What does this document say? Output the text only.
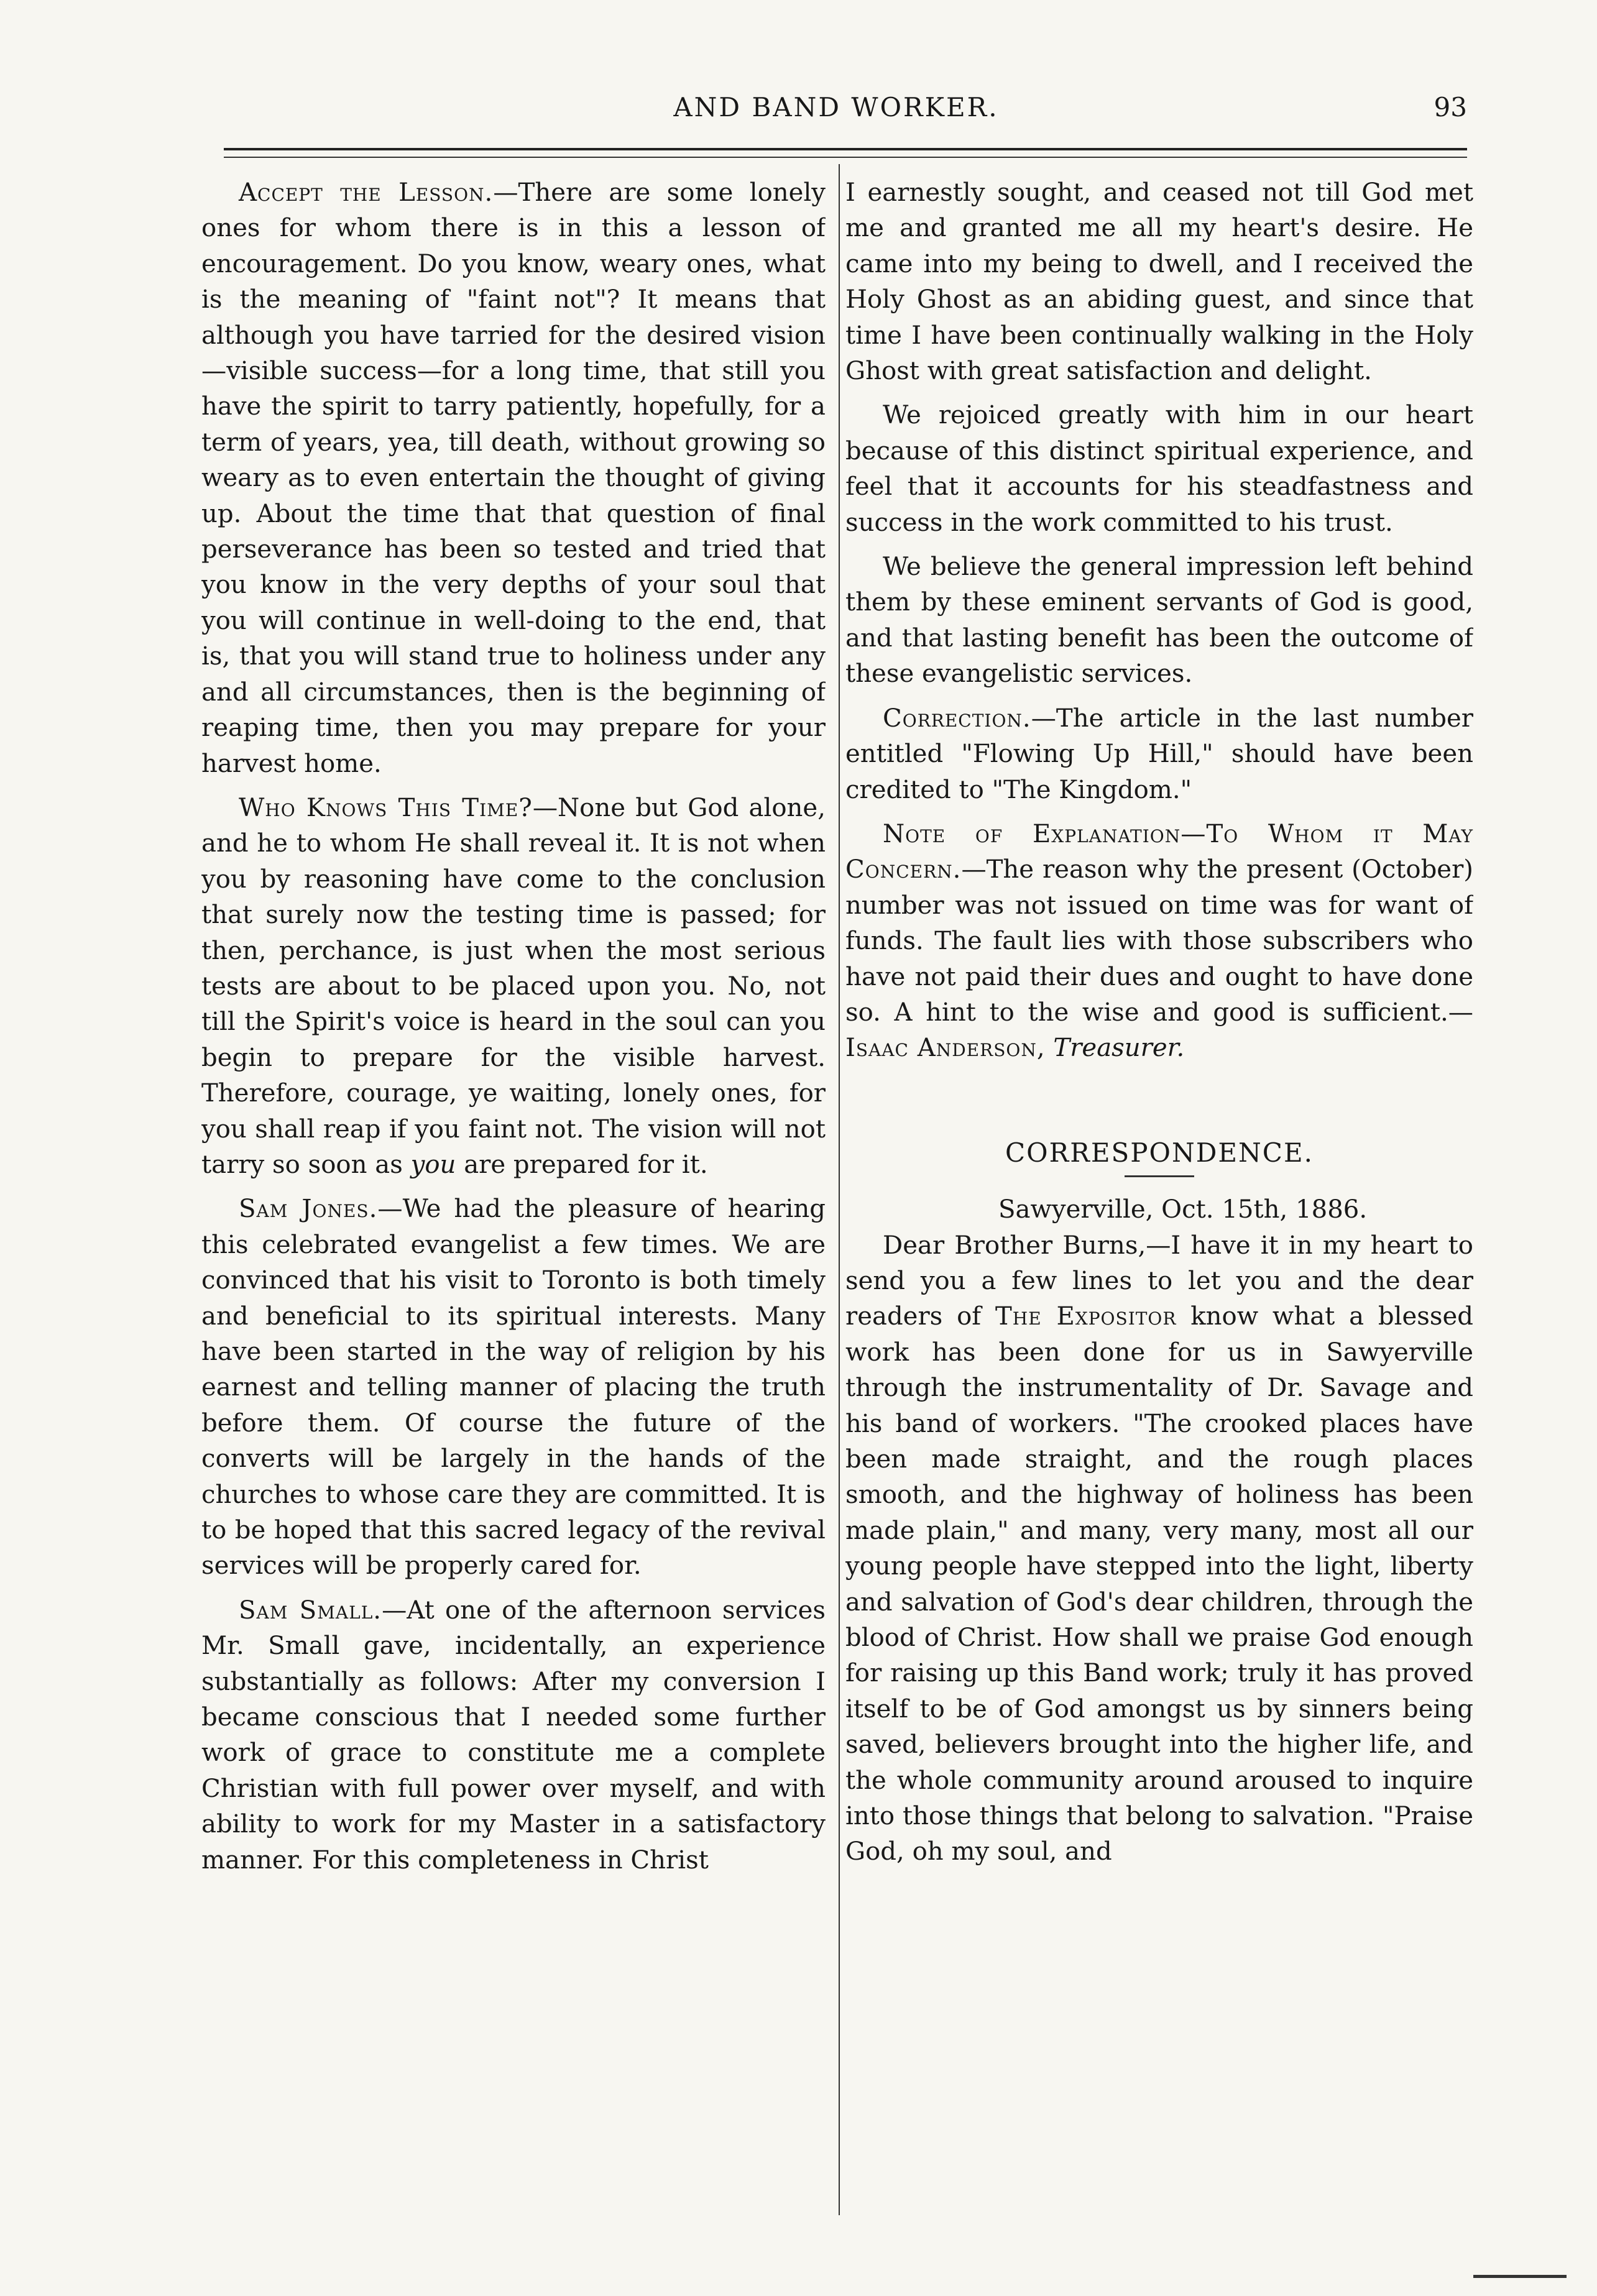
AND BAND WORKER.	93

Accept the Lesson.—There are some lonely ones for whom there is in this a lesson of encouragement. Do you know, weary ones, what is the meaning of "faint not"? It means that although you have tarried for the desired vision—visible success—for a long time, that still you have the spirit to tarry patiently, hopefully, for a term of years, yea, till death, without growing so weary as to even entertain the thought of giving up. About the time that that question of final perseverance has been so tested and tried that you know in the very depths of your soul that you will continue in well-doing to the end, that is, that you will stand true to holiness under any and all circumstances, then is the beginning of reaping time, then you may prepare for your harvest home.

Who Knows This Time?—None but God alone, and he to whom He shall reveal it. It is not when you by reasoning have come to the conclusion that surely now the testing time is passed; for then, perchance, is just when the most serious tests are about to be placed upon you. No, not till the Spirit's voice is heard in the soul can you begin to prepare for the visible harvest. Therefore, courage, ye waiting, lonely ones, for you shall reap if you faint not. The vision will not tarry so soon as you are prepared for it.

Sam Jones.—We had the pleasure of hearing this celebrated evangelist a few times. We are convinced that his visit to Toronto is both timely and beneficial to its spiritual interests. Many have been started in the way of religion by his earnest and telling manner of placing the truth before them. Of course the future of the converts will be largely in the hands of the churches to whose care they are committed. It is to be hoped that this sacred legacy of the revival services will be properly cared for.

Sam Small.—At one of the afternoon services Mr. Small gave, incidentally, an experience substantially as follows: After my conversion I became conscious that I needed some further work of grace to constitute me a complete Christian with full power over myself, and with ability to work for my Master in a satisfactory manner. For this completeness in Christ

I earnestly sought, and ceased not till God met me and granted me all my heart's desire. He came into my being to dwell, and I received the Holy Ghost as an abiding guest, and since that time I have been continually walking in the Holy Ghost with great satisfaction and delight.

We rejoiced greatly with him in our heart because of this distinct spiritual experience, and feel that it accounts for his steadfastness and success in the work committed to his trust.

We believe the general impression left behind them by these eminent servants of God is good, and that lasting benefit has been the outcome of these evangelistic services.

Correction.—The article in the last number entitled "Flowing Up Hill," should have been credited to "The Kingdom."

Note of Explanation—To Whom it May Concern.—The reason why the present (October) number was not issued on time was for want of funds. The fault lies with those subscribers who have not paid their dues and ought to have done so. A hint to the wise and good is sufficient.—Isaac Anderson, Treasurer.

CORRESPONDENCE.

Sawyerville, Oct. 15th, 1886.

Dear Brother Burns,—I have it in my heart to send you a few lines to let you and the dear readers of The Expositor know what a blessed work has been done for us in Sawyerville through the instrumentality of Dr. Savage and his band of workers. "The crooked places have been made straight, and the rough places smooth, and the highway of holiness has been made plain," and many, very many, most all our young people have stepped into the light, liberty and salvation of God's dear children, through the blood of Christ. How shall we praise God enough for raising up this Band work; truly it has proved itself to be of God amongst us by sinners being saved, believers brought into the higher life, and the whole community around aroused to inquire into those things that belong to salvation. "Praise God, oh my soul, and
